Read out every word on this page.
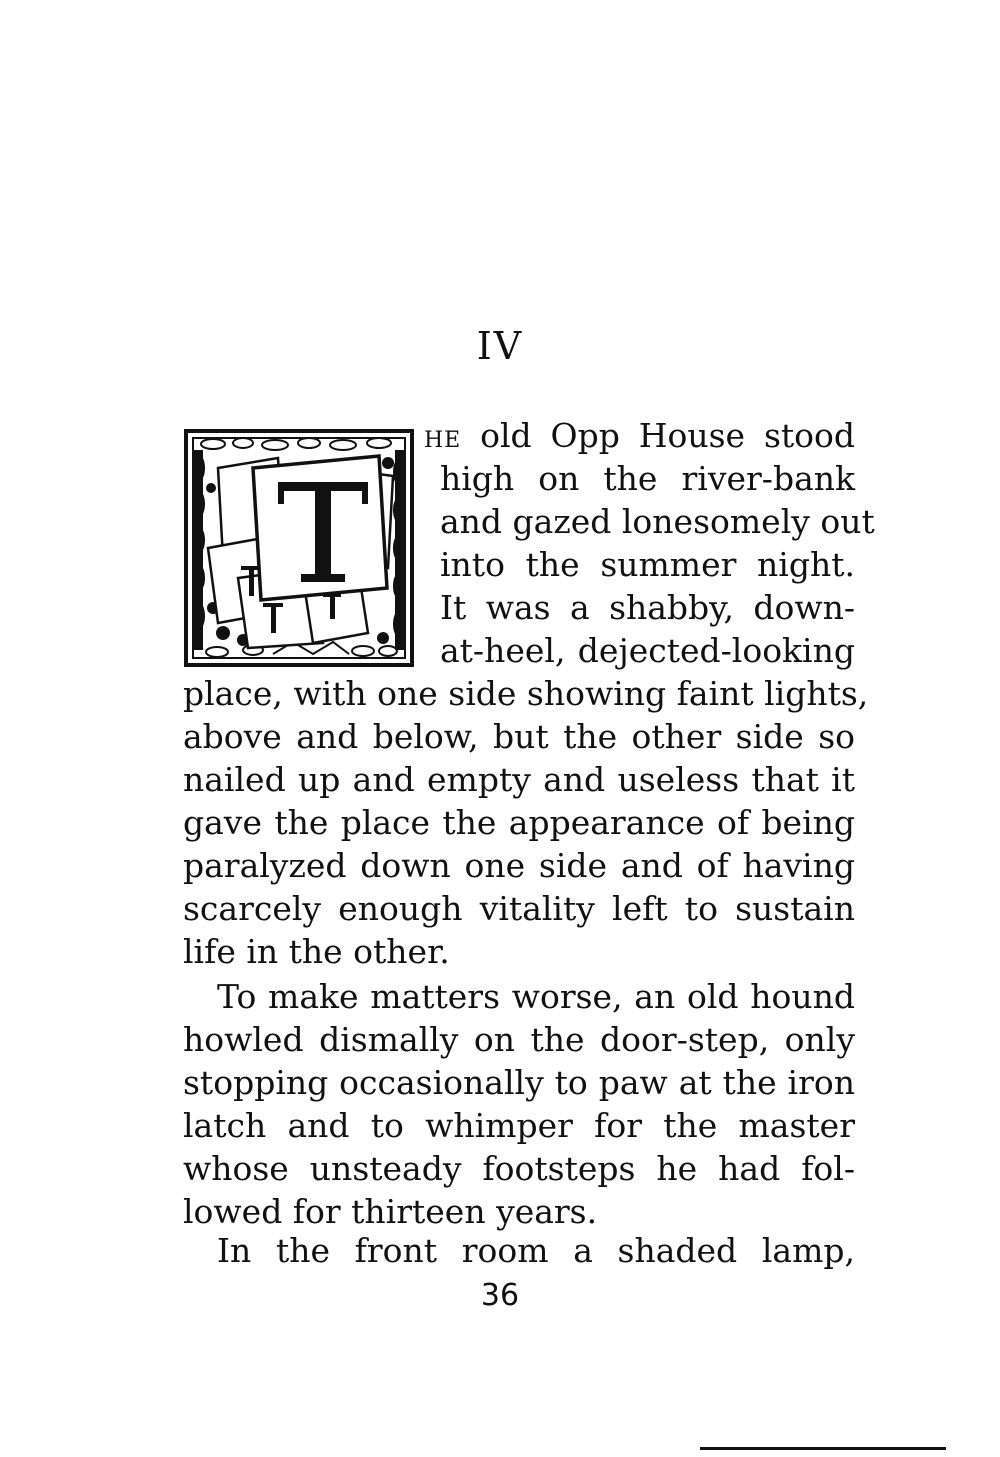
IV
HE old Opp House stood
high on the river-bank
and gazed lonesomely out
into the summer night.
It was a shabby, down-
at-heel, dejected-looking
place, with one side showing faint lights,
above and below, but the other side so
nailed up and empty and useless that it
gave the place the appearance of being
paralyzed down one side and of having
scarcely enough vitality left to sustain
life in the other.
To make matters worse, an old hound
howled dismally on the door-step, only
stopping occasionally to paw at the iron
latch and to whimper for the master
whose unsteady footsteps he had fol-
lowed for thirteen years.
In the front room a shaded lamp,
36
